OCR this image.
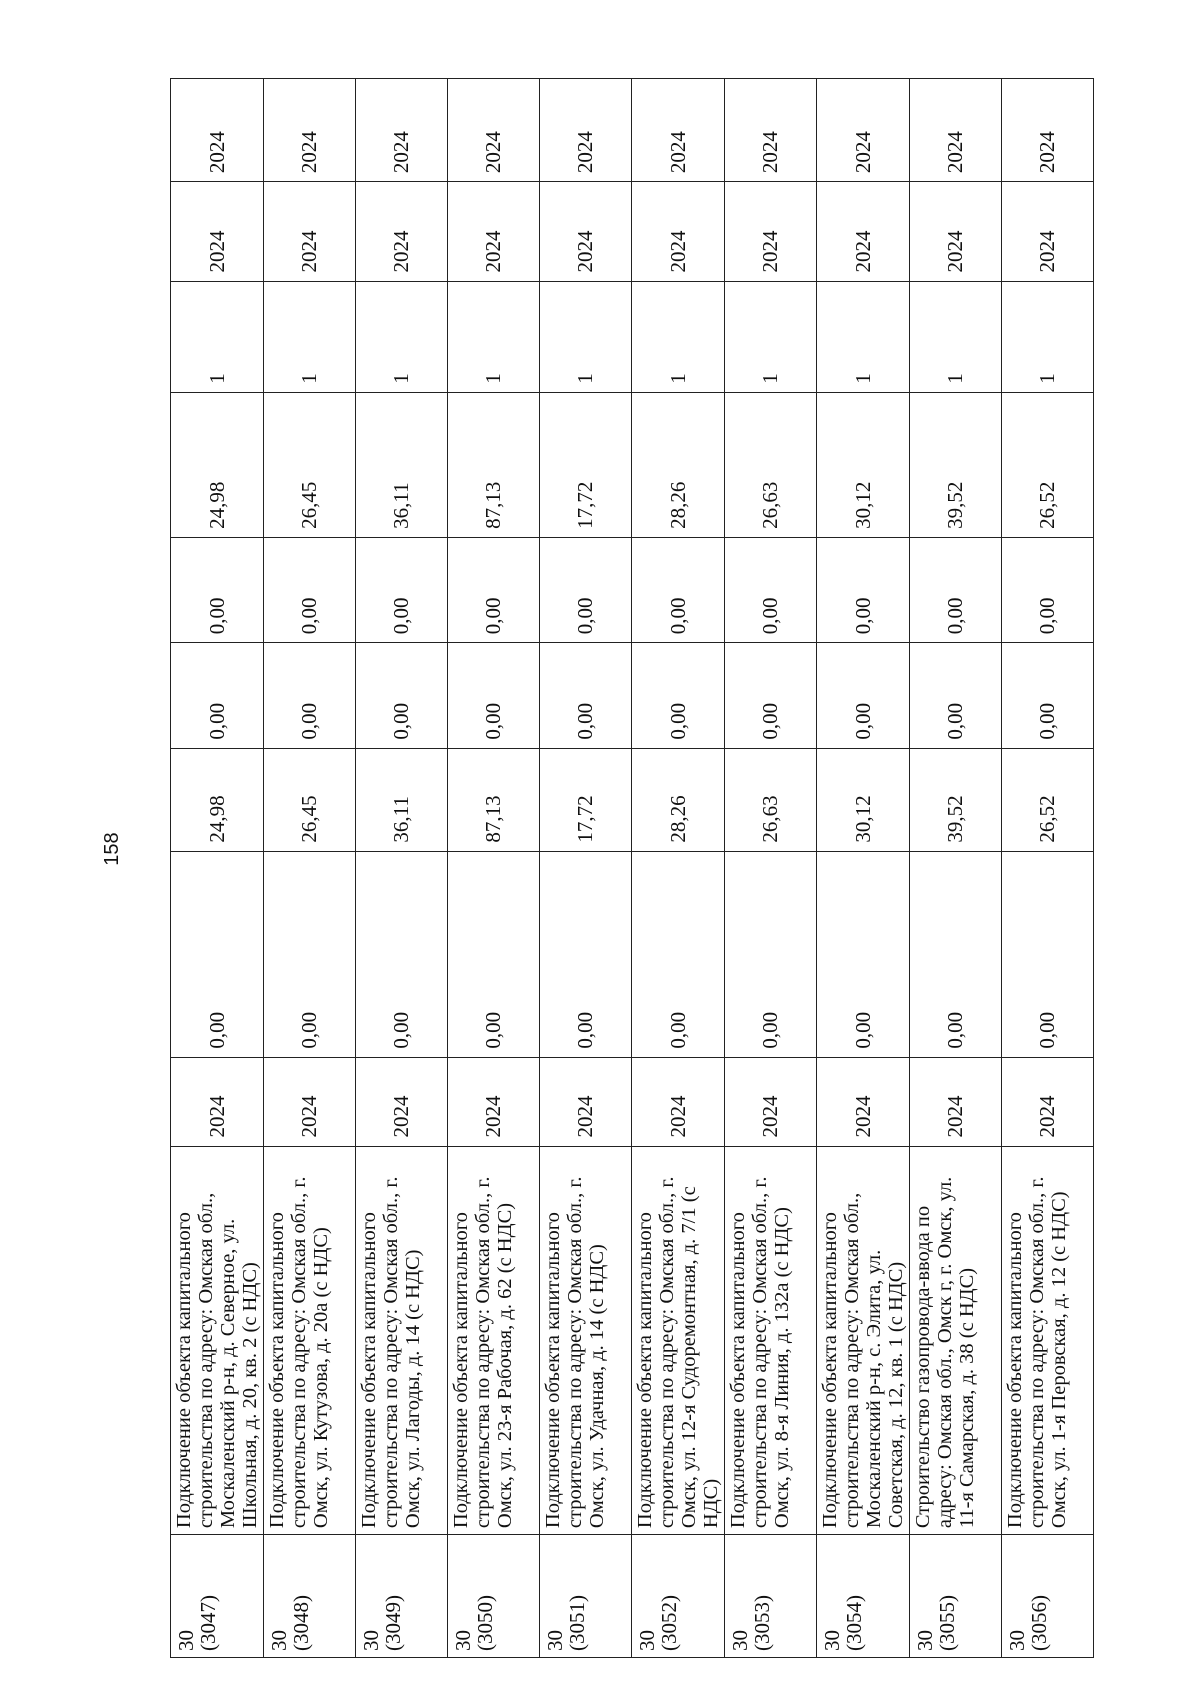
158
30
(3047)	Подключение объекта капитального строительства по адресу: Омская обл., Москаленский р-н, д. Северное, ул. Школьная, д. 20, кв. 2 (с НДС)	2024	0,00	24,98	0,00	0,00	24,98	1	2024	2024
30
(3048)	Подключение объекта капитального строительства по адресу: Омская обл., г. Омск, ул. Кутузова, д. 20а (с НДС)	2024	0,00	26,45	0,00	0,00	26,45	1	2024	2024
30
(3049)	Подключение объекта капитального строительства по адресу: Омская обл., г. Омск, ул. Лагоды, д. 14 (с НДС)	2024	0,00	36,11	0,00	0,00	36,11	1	2024	2024
30
(3050)	Подключение объекта капитального строительства по адресу: Омская обл., г. Омск, ул. 23-я Рабочая, д. 62 (с НДС)	2024	0,00	87,13	0,00	0,00	87,13	1	2024	2024
30
(3051)	Подключение объекта капитального строительства по адресу: Омская обл., г. Омск, ул. Удачная, д. 14 (с НДС)	2024	0,00	17,72	0,00	0,00	17,72	1	2024	2024
30
(3052)	Подключение объекта капитального строительства по адресу: Омская обл., г. Омск, ул. 12-я Судоремонтная, д. 7/1 (с НДС)	2024	0,00	28,26	0,00	0,00	28,26	1	2024	2024
30
(3053)	Подключение объекта капитального строительства по адресу: Омская обл., г. Омск, ул. 8-я Линия, д. 132а (с НДС)	2024	0,00	26,63	0,00	0,00	26,63	1	2024	2024
30
(3054)	Подключение объекта капитального строительства по адресу: Омская обл., Москаленский р-н, с. Элита, ул. Советская, д. 12, кв. 1 (с НДС)	2024	0,00	30,12	0,00	0,00	30,12	1	2024	2024
30
(3055)	Строительство газопровода-ввода по адресу: Омская обл., Омск г, г. Омск, ул. 11-я Самарская, д. 38 (с НДС)	2024	0,00	39,52	0,00	0,00	39,52	1	2024	2024
30
(3056)	Подключение объекта капитального строительства по адресу: Омская обл., г. Омск, ул. 1-я Перовская, д. 12 (с НДС)	2024	0,00	26,52	0,00	0,00	26,52	1	2024	2024
